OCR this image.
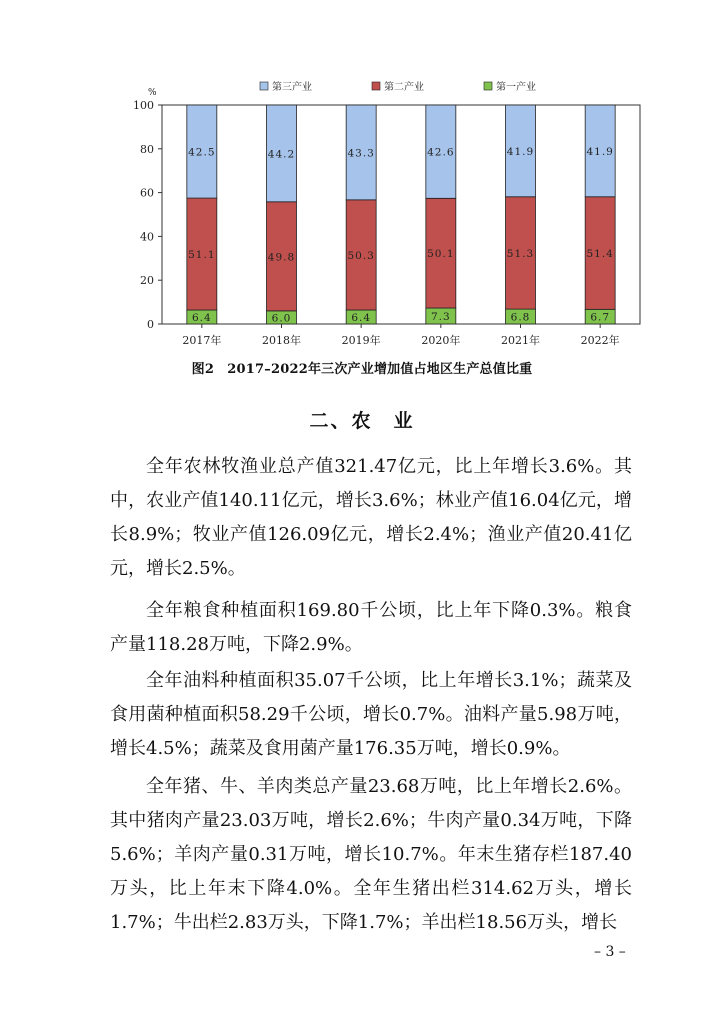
%
0
20
40
60
80
100
6.4
51.1
42.5
2017年
6.0
49.8
44.2
2018年
6.4
50.3
43.3
2019年
7.3
50.1
42.6
2020年
6.8
51.3
41.9
2021年
6.7
51.4
41.9
2022年
第三产业	第二产业	第一产业
图2　2017–2022年三次产业增加值占地区生产总值比重
二、农　业

全年农林牧渔业总产值321.47亿元，比上年增长3.6%。其中，农业产值140.11亿元，增长3.6%；林业产值16.04亿元，增长8.9%；牧业产值126.09亿元，增长2.4%；渔业产值20.41亿元，增长2.5%。

全年粮食种植面积169.80千公顷，比上年下降0.3%。粮食产量118.28万吨，下降2.9%。

全年油料种植面积35.07千公顷，比上年增长3.1%；蔬菜及食用菌种植面积58.29千公顷，增长0.7%。油料产量5.98万吨，增长4.5%；蔬菜及食用菌产量176.35万吨，增长0.9%。

全年猪、牛、羊肉类总产量23.68万吨，比上年增长2.6%。其中猪肉产量23.03万吨，增长2.6%；牛肉产量0.34万吨，下降5.6%；羊肉产量0.31万吨，增长10.7%。年末生猪存栏187.40万头，比上年末下降4.0%。全年生猪出栏314.62万头，增长1.7%；牛出栏2.83万头，下降1.7%；羊出栏18.56万头，增长

– 3 –
